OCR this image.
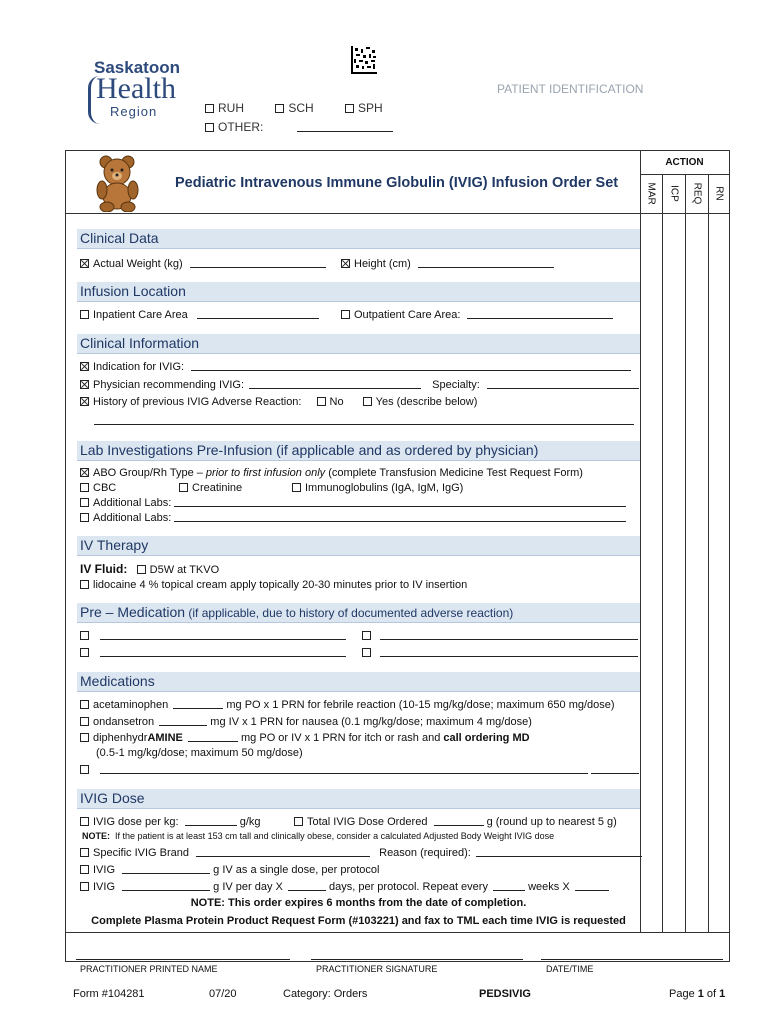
Saskatoon
Health
Region
PATIENT IDENTIFICATION
RUH	SCH	SPH
OTHER:
ACTION
MAR ICP REQ RN
Pediatric Intravenous Immune Globulin (IVIG) Infusion Order Set
Clinical Data
Actual Weight (kg)	Height (cm)
Infusion Location
Inpatient Care Area	Outpatient Care Area:
Clinical Information
Indication for IVIG:
Physician recommending IVIG:	Specialty:
History of previous IVIG Adverse Reaction:	No	Yes (describe below)
Lab Investigations Pre-Infusion (if applicable and as ordered by physician)
ABO Group/Rh Type – prior to first infusion only (complete Transfusion Medicine Test Request Form)
CBC	Creatinine	Immunoglobulins (IgA, IgM, IgG)
Additional Labs:
Additional Labs:
IV Therapy
IV Fluid: D5W at TKVO
lidocaine 4 % topical cream apply topically 20-30 minutes prior to IV insertion
Pre – Medication (if applicable, due to history of documented adverse reaction)

Medications
acetaminophen	mg PO x 1 PRN for febrile reaction (10-15 mg/kg/dose; maximum 650 mg/dose)
ondansetron	mg IV x 1 PRN for nausea (0.1 mg/kg/dose; maximum 4 mg/dose)
diphenhydrAMINE	mg PO or IV x 1 PRN for itch or rash and call ordering MD
(0.5-1 mg/kg/dose; maximum 50 mg/dose)

IVIG Dose
IVIG dose per kg:	g/kg	Total IVIG Dose Ordered	g (round up to nearest 5 g)
NOTE: If the patient is at least 153 cm tall and clinically obese, consider a calculated Adjusted Body Weight IVIG dose
Specific IVIG Brand	Reason (required):
IVIG	g IV as a single dose, per protocol
IVIG	g IV per day X	days, per protocol. Repeat every	weeks X
NOTE: This order expires 6 months from the date of completion.
Complete Plasma Protein Product Request Form (#103221) and fax to TML each time IVIG is requested
PRACTITIONER PRINTED NAME	PRACTITIONER SIGNATURE	DATE/TIME
Form #104281	07/20	Category: Orders	PEDSIVIG	Page 1 of 1
